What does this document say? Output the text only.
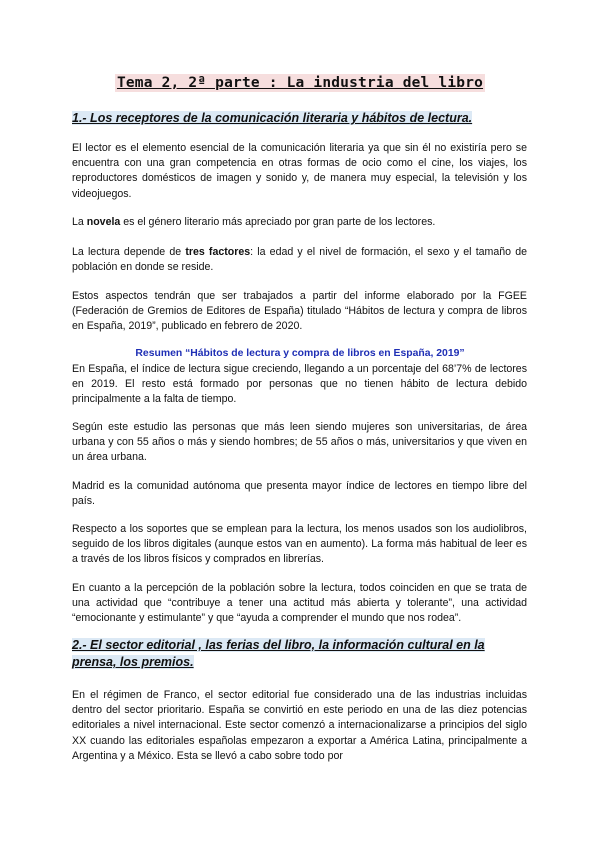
Tema 2, 2ª parte : La industria del libro
1.- Los receptores de la comunicación literaria y hábitos de lectura.
El lector es el elemento esencial de la comunicación literaria ya que sin él no existiría pero se encuentra con una gran competencia en otras formas de ocio como el cine, los viajes, los reproductores domésticos de imagen y sonido y, de manera muy especial, la televisión y los videojuegos.
La novela es el género literario más apreciado por gran parte de los lectores.
La lectura depende de tres factores: la edad y el nivel de formación, el sexo y el tamaño de población en donde se reside.
Estos aspectos tendrán que ser trabajados a partir del informe elaborado por la FGEE (Federación de Gremios de Editores de España) titulado “Hábitos de lectura y compra de libros en España, 2019”, publicado en febrero de 2020.
Resumen “Hábitos de lectura y compra de libros en España, 2019”
En España, el índice de lectura sigue creciendo, llegando a un porcentaje del 68’7% de lectores en 2019. El resto está formado por personas que no tienen hábito de lectura debido principalmente a la falta de tiempo.
Según este estudio las personas que más leen siendo mujeres son universitarias, de área urbana y con 55 años o más y siendo hombres; de 55 años o más, universitarios y que viven en un área urbana.
Madrid es la comunidad autónoma que presenta mayor índice de lectores en tiempo libre del país.
Respecto a los soportes que se emplean para la lectura, los menos usados son los audiolibros, seguido de los libros digitales (aunque estos van en aumento). La forma más habitual de leer es a través de los libros físicos y comprados en librerías.
En cuanto a la percepción de la población sobre la lectura, todos coinciden en que se trata de una actividad que “contribuye a tener una actitud más abierta y tolerante”, una actividad “emocionante y estimulante” y que “ayuda a comprender el mundo que nos rodea”.
2.- El sector editorial , las ferias del libro, la información cultural en la prensa, los premios.
En el régimen de Franco, el sector editorial fue considerado una de las industrias incluidas dentro del sector prioritario. España se convirtió en este periodo en una de las diez potencias editoriales a nivel internacional. Este sector comenzó a internacionalizarse a principios del siglo XX cuando las editoriales españolas empezaron a exportar a América Latina, principalmente a Argentina y a México. Esta se llevó a cabo sobre todo por
